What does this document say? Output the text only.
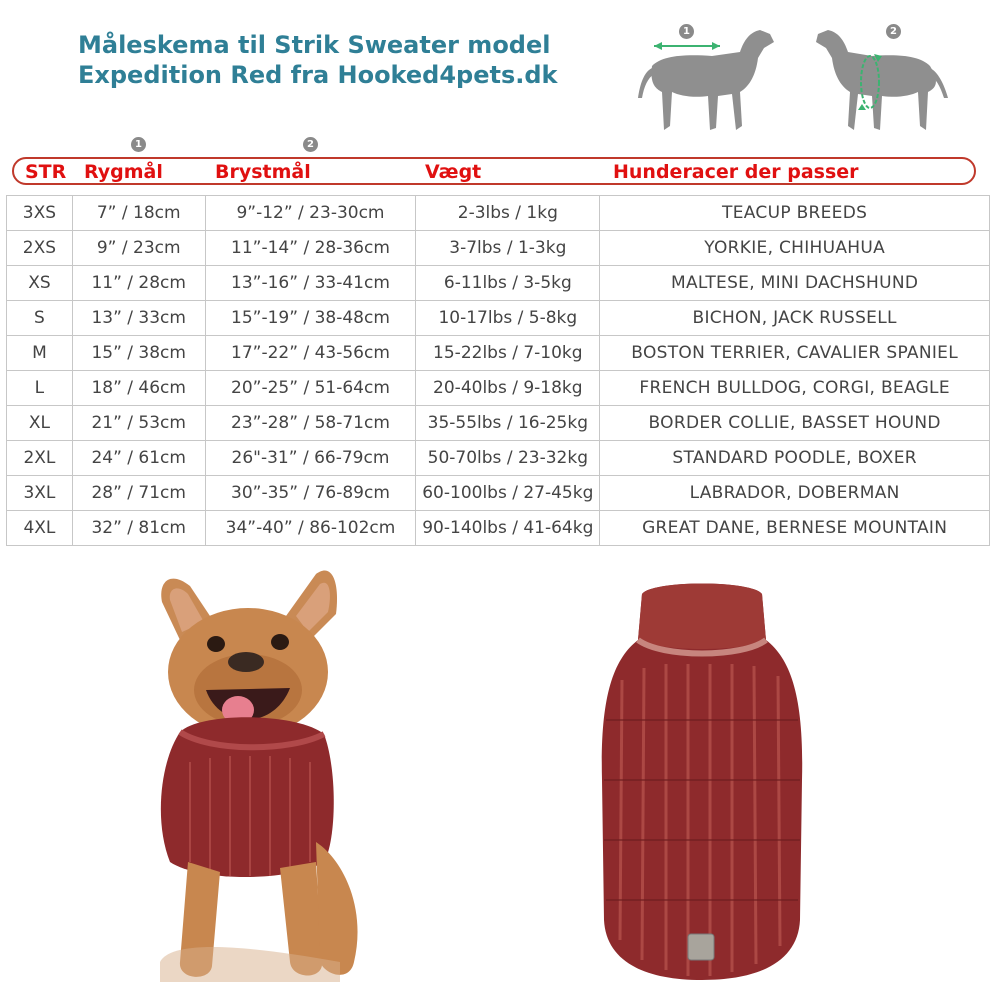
Måleskema til Strik Sweater model
Expedition Red fra Hooked4pets.dk
1	2
1	2
STR Rygmål	Brystmål	Vægt	Hunderacer der passer
3XS	7” / 18cm	9”-12” / 23-30cm	2-3lbs / 1kg	TEACUP BREEDS
2XS	9” / 23cm	11”-14” / 28-36cm	3-7lbs / 1-3kg	YORKIE, CHIHUAHUA
XS	11” / 28cm	13”-16” / 33-41cm	6-11lbs / 3-5kg	MALTESE, MINI DACHSHUND
S	13” / 33cm	15”-19” / 38-48cm	10-17lbs / 5-8kg	BICHON, JACK RUSSELL
M	15” / 38cm	17”-22” / 43-56cm	15-22lbs / 7-10kg	BOSTON TERRIER, CAVALIER SPANIEL
L	18” / 46cm	20”-25” / 51-64cm	20-40lbs / 9-18kg	FRENCH BULLDOG, CORGI, BEAGLE
XL	21” / 53cm	23”-28” / 58-71cm	35-55lbs / 16-25kg	BORDER COLLIE, BASSET HOUND
2XL	24” / 61cm	26"-31” / 66-79cm	50-70lbs / 23-32kg	STANDARD POODLE, BOXER
3XL	28” / 71cm	30”-35” / 76-89cm	60-100lbs / 27-45kg	LABRADOR, DOBERMAN
4XL	32” / 81cm	34”-40” / 86-102cm	90-140lbs / 41-64kg	GREAT DANE, BERNESE MOUNTAIN
